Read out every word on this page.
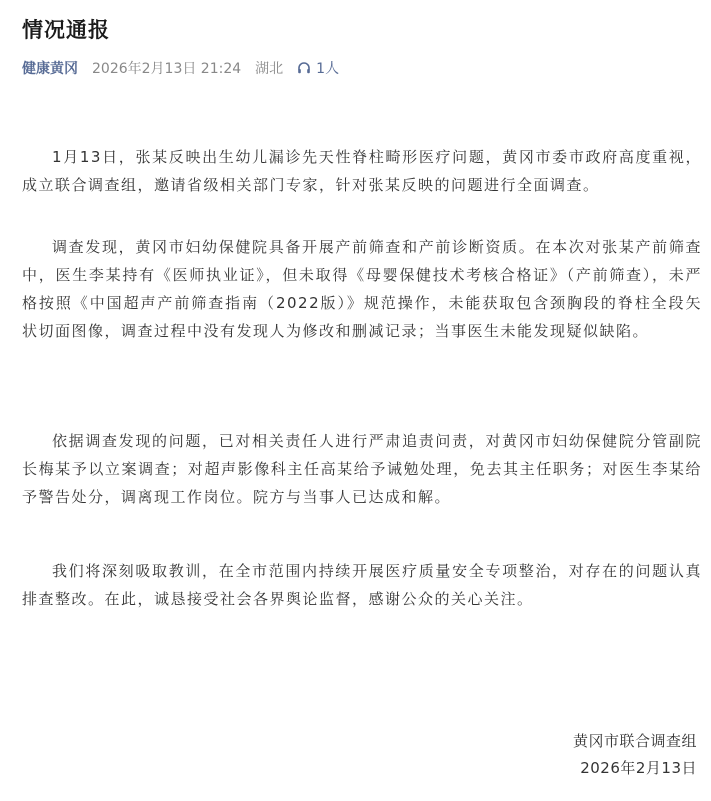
情况通报
健康黄冈 2026年2月13日 21:24 湖北 1人

1月13日，张某反映出生幼儿漏诊先天性脊柱畸形医疗问题，黄冈市委市政府高度重视，成立联合调查组，邀请省级相关部门专家，针对张某反映的问题进行全面调查。

调查发现，黄冈市妇幼保健院具备开展产前筛查和产前诊断资质。在本次对张某产前筛查中，医生李某持有《医师执业证》，但未取得《母婴保健技术考核合格证》（产前筛查），未严格按照《中国超声产前筛查指南（2022版）》规范操作，未能获取包含颈胸段的脊柱全段矢状切面图像，调查过程中没有发现人为修改和删减记录；当事医生未能发现疑似缺陷。

依据调查发现的问题，已对相关责任人进行严肃追责问责，对黄冈市妇幼保健院分管副院长梅某予以立案调查；对超声影像科主任高某给予诫勉处理，免去其主任职务；对医生李某给予警告处分，调离现工作岗位。院方与当事人已达成和解。

我们将深刻吸取教训，在全市范围内持续开展医疗质量安全专项整治，对存在的问题认真排查整改。在此，诚恳接受社会各界舆论监督，感谢公众的关心关注。

黄冈市联合调查组
2026年2月13日
